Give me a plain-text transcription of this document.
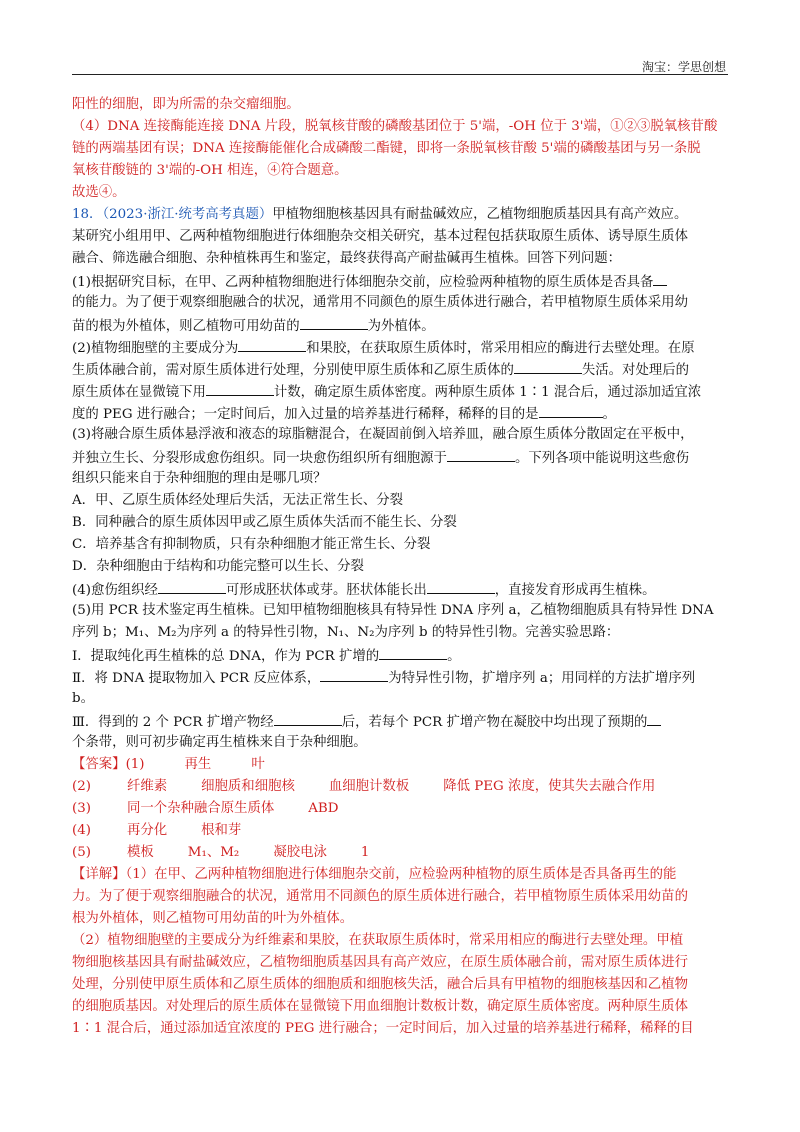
淘宝：学思创想
阳性的细胞，即为所需的杂交瘤细胞。
（4）DNA 连接酶能连接 DNA 片段，脱氧核苷酸的磷酸基团位于 5'端，-OH 位于 3'端，①②③脱氧核苷酸
链的两端基团有误；DNA 连接酶能催化合成磷酸二酯键，即将一条脱氧核苷酸 5'端的磷酸基团与另一条脱
氧核苷酸链的 3'端的-OH 相连，④符合题意。
故选④。
18．（2023·浙江·统考高考真题）甲植物细胞核基因具有耐盐碱效应，乙植物细胞质基因具有高产效应。
某研究小组用甲、乙两种植物细胞进行体细胞杂交相关研究，基本过程包括获取原生质体、诱导原生质体
融合、筛选融合细胞、杂种植株再生和鉴定，最终获得高产耐盐碱再生植株。回答下列问题：
(1)根据研究目标，在甲、乙两种植物细胞进行体细胞杂交前，应检验两种植物的原生质体是否具备
的能力。为了便于观察细胞融合的状况，通常用不同颜色的原生质体进行融合，若甲植物原生质体采用幼
苗的根为外植体，则乙植物可用幼苗的	为外植体。
(2)植物细胞壁的主要成分为	和果胶，在获取原生质体时，常采用相应的酶进行去壁处理。在原
生质体融合前，需对原生质体进行处理，分别使甲原生质体和乙原生质体的	失活。对处理后的
原生质体在显微镜下用	计数，确定原生质体密度。两种原生质体 1∶1 混合后，通过添加适宜浓
度的 PEG 进行融合；一定时间后，加入过量的培养基进行稀释，稀释的目的是	。
(3)将融合原生质体悬浮液和液态的琼脂糖混合，在凝固前倒入培养皿，融合原生质体分散固定在平板中，
并独立生长、分裂形成愈伤组织。同一块愈伤组织所有细胞源于	。下列各项中能说明这些愈伤
组织只能来自于杂种细胞的理由是哪几项？
A．甲、乙原生质体经处理后失活，无法正常生长、分裂
B．同种融合的原生质体因甲或乙原生质体失活而不能生长、分裂
C．培养基含有抑制物质，只有杂种细胞才能正常生长、分裂
D．杂种细胞由于结构和功能完整可以生长、分裂
(4)愈伤组织经	可形成胚状体或芽。胚状体能长出	，直接发育形成再生植株。
(5)用 PCR 技术鉴定再生植株。已知甲植物细胞核具有特异性 DNA 序列 a，乙植物细胞质具有特异性 DNA
序列 b；M₁、M₂为序列 a 的特异性引物，N₁、N₂为序列 b 的特异性引物。完善实验思路：
Ⅰ．提取纯化再生植株的总 DNA，作为 PCR 扩增的	。
Ⅱ．将 DNA 提取物加入 PCR 反应体系，	为特异性引物，扩增序列 a；用同样的方法扩增序列
b。
Ⅲ．得到的 2 个 PCR 扩增产物经	后，若每个 PCR 扩增产物在凝胶中均出现了预期的
个条带，则可初步确定再生植株来自于杂种细胞。
【答案】(1)	再生	叶
(2)	纤维素	细胞质和细胞核	血细胞计数板	降低 PEG 浓度，使其失去融合作用
(3)	同一个杂种融合原生质体	ABD
(4)	再分化	根和芽
(5)	模板	M₁、M₂	凝胶电泳	1
【详解】（1）在甲、乙两种植物细胞进行体细胞杂交前，应检验两种植物的原生质体是否具备再生的能
力。为了便于观察细胞融合的状况，通常用不同颜色的原生质体进行融合，若甲植物原生质体采用幼苗的
根为外植体，则乙植物可用幼苗的叶为外植体。
（2）植物细胞壁的主要成分为纤维素和果胶，在获取原生质体时，常采用相应的酶进行去壁处理。甲植
物细胞核基因具有耐盐碱效应，乙植物细胞质基因具有高产效应，在原生质体融合前，需对原生质体进行
处理，分别使甲原生质体和乙原生质体的细胞质和细胞核失活，融合后具有甲植物的细胞核基因和乙植物
的细胞质基因。对处理后的原生质体在显微镜下用血细胞计数板计数，确定原生质体密度。两种原生质体
1∶1 混合后，通过添加适宜浓度的 PEG 进行融合；一定时间后，加入过量的培养基进行稀释，稀释的目
